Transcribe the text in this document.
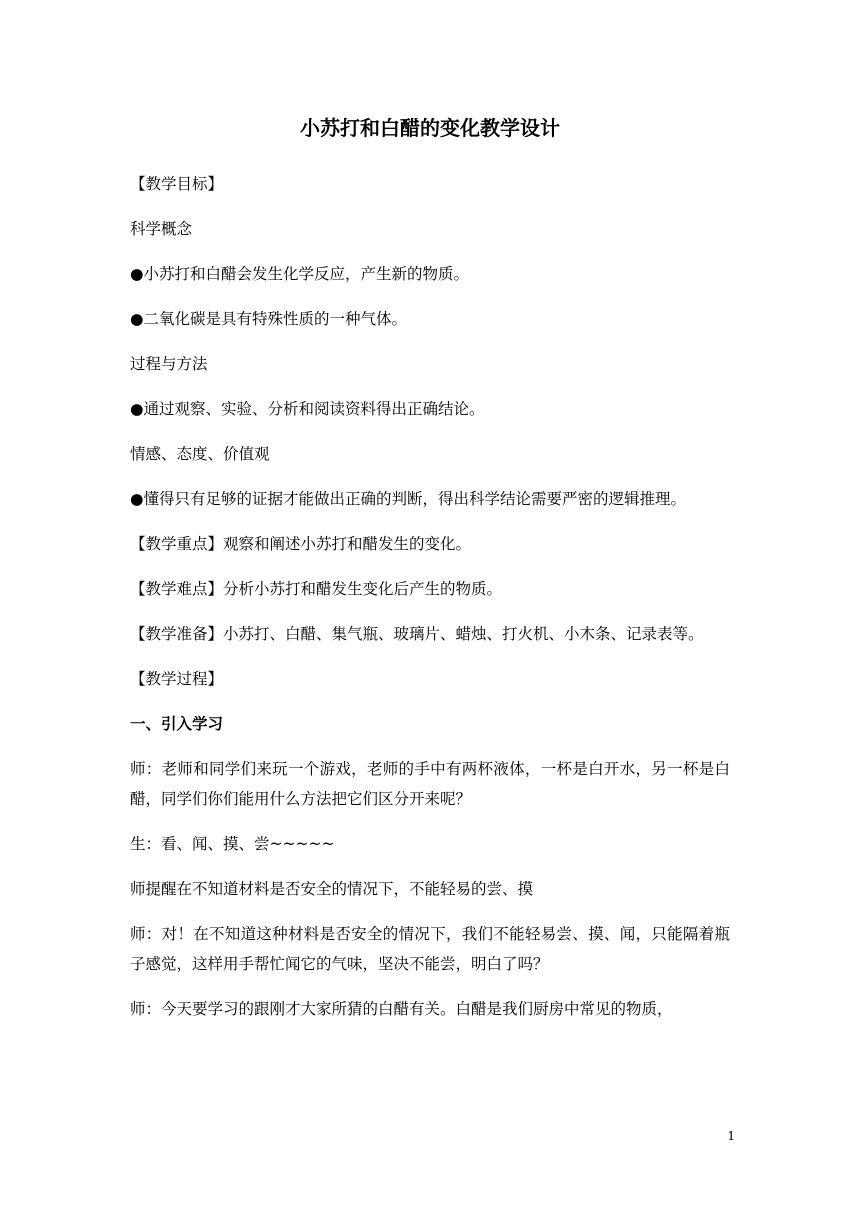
小苏打和白醋的变化教学设计

【教学目标】

科学概念

●小苏打和白醋会发生化学反应，产生新的物质。

●二氧化碳是具有特殊性质的一种气体。

过程与方法

●通过观察、实验、分析和阅读资料得出正确结论。

情感、态度、价值观

●懂得只有足够的证据才能做出正确的判断，得出科学结论需要严密的逻辑推理。

【教学重点】观察和阐述小苏打和醋发生的变化。

【教学难点】分析小苏打和醋发生变化后产生的物质。

【教学准备】小苏打、白醋、集气瓶、玻璃片、蜡烛、打火机、小木条、记录表等。

【教学过程】

一、引入学习

师：老师和同学们来玩一个游戏，老师的手中有两杯液体，一杯是白开水，另一杯是白醋，同学们你们能用什么方法把它们区分开来呢？

生：看、闻、摸、尝~~~~~

师提醒在不知道材料是否安全的情况下，不能轻易的尝、摸

师：对！在不知道这种材料是否安全的情况下，我们不能轻易尝、摸、闻，只能隔着瓶子感觉，这样用手帮忙闻它的气味，坚决不能尝，明白了吗？

师：今天要学习的跟刚才大家所猜的白醋有关。白醋是我们厨房中常见的物质，

1
